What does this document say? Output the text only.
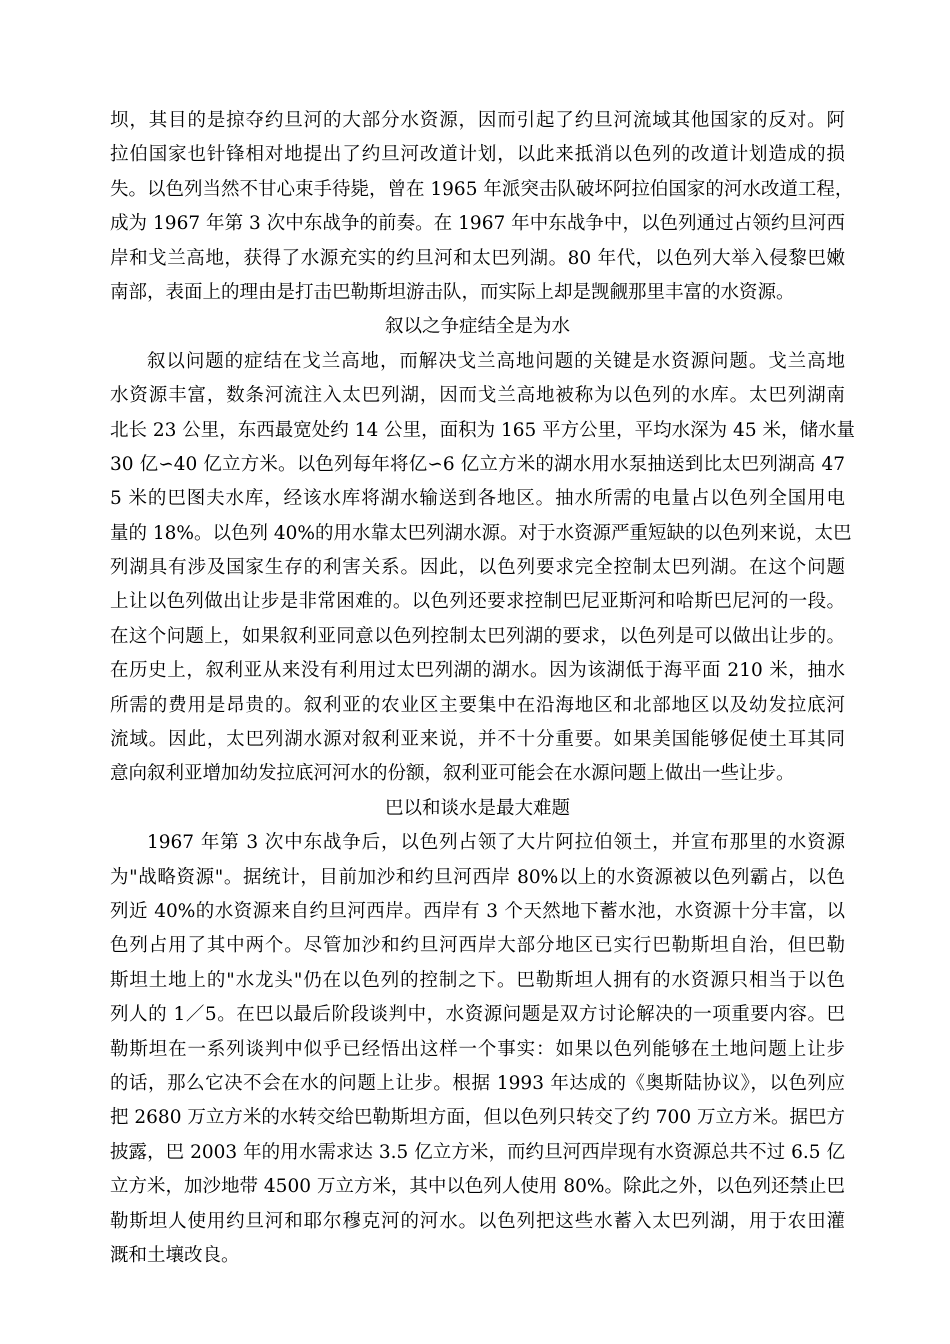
坝，其目的是掠夺约旦河的大部分水资源，因而引起了约旦河流域其他国家的反对。阿
拉伯国家也针锋相对地提出了约旦河改道计划，以此来抵消以色列的改道计划造成的损
失。以色列当然不甘心束手待毙，曾在 1965 年派突击队破坏阿拉伯国家的河水改道工程，
成为 1967 年第 3 次中东战争的前奏。在 1967 年中东战争中，以色列通过占领约旦河西
岸和戈兰高地，获得了水源充实的约旦河和太巴列湖。80 年代，以色列大举入侵黎巴嫩
南部，表面上的理由是打击巴勒斯坦游击队，而实际上却是觊觎那里丰富的水资源。
叙以之争症结全是为水
叙以问题的症结在戈兰高地，而解决戈兰高地问题的关键是水资源问题。戈兰高地
水资源丰富，数条河流注入太巴列湖，因而戈兰高地被称为以色列的水库。太巴列湖南
北长 23 公里，东西最宽处约 14 公里，面积为 165 平方公里，平均水深为 45 米，储水量
30 亿∽40 亿立方米。以色列每年将亿∽6 亿立方米的湖水用水泵抽送到比太巴列湖高 47
5 米的巴图夫水库，经该水库将湖水输送到各地区。抽水所需的电量占以色列全国用电
量的 18%。以色列 40%的用水靠太巴列湖水源。对于水资源严重短缺的以色列来说，太巴
列湖具有涉及国家生存的利害关系。因此，以色列要求完全控制太巴列湖。在这个问题
上让以色列做出让步是非常困难的。以色列还要求控制巴尼亚斯河和哈斯巴尼河的一段。
在这个问题上，如果叙利亚同意以色列控制太巴列湖的要求，以色列是可以做出让步的。
在历史上，叙利亚从来没有利用过太巴列湖的湖水。因为该湖低于海平面 210 米，抽水
所需的费用是昂贵的。叙利亚的农业区主要集中在沿海地区和北部地区以及幼发拉底河
流域。因此，太巴列湖水源对叙利亚来说，并不十分重要。如果美国能够促使土耳其同
意向叙利亚增加幼发拉底河河水的份额，叙利亚可能会在水源问题上做出一些让步。
巴以和谈水是最大难题
1967 年第 3 次中东战争后，以色列占领了大片阿拉伯领土，并宣布那里的水资源
为"战略资源"。据统计，目前加沙和约旦河西岸 80%以上的水资源被以色列霸占，以色
列近 40%的水资源来自约旦河西岸。西岸有 3 个天然地下蓄水池，水资源十分丰富，以
色列占用了其中两个。尽管加沙和约旦河西岸大部分地区已实行巴勒斯坦自治，但巴勒
斯坦土地上的"水龙头"仍在以色列的控制之下。巴勒斯坦人拥有的水资源只相当于以色
列人的 1／5。在巴以最后阶段谈判中，水资源问题是双方讨论解决的一项重要内容。巴
勒斯坦在一系列谈判中似乎已经悟出这样一个事实：如果以色列能够在土地问题上让步
的话，那么它决不会在水的问题上让步。根据 1993 年达成的《奥斯陆协议》，以色列应
把 2680 万立方米的水转交给巴勒斯坦方面，但以色列只转交了约 700 万立方米。据巴方
披露，巴 2003 年的用水需求达 3.5 亿立方米，而约旦河西岸现有水资源总共不过 6.5 亿
立方米，加沙地带 4500 万立方米，其中以色列人使用 80%。除此之外，以色列还禁止巴
勒斯坦人使用约旦河和耶尔穆克河的河水。以色列把这些水蓄入太巴列湖，用于农田灌
溉和土壤改良。
